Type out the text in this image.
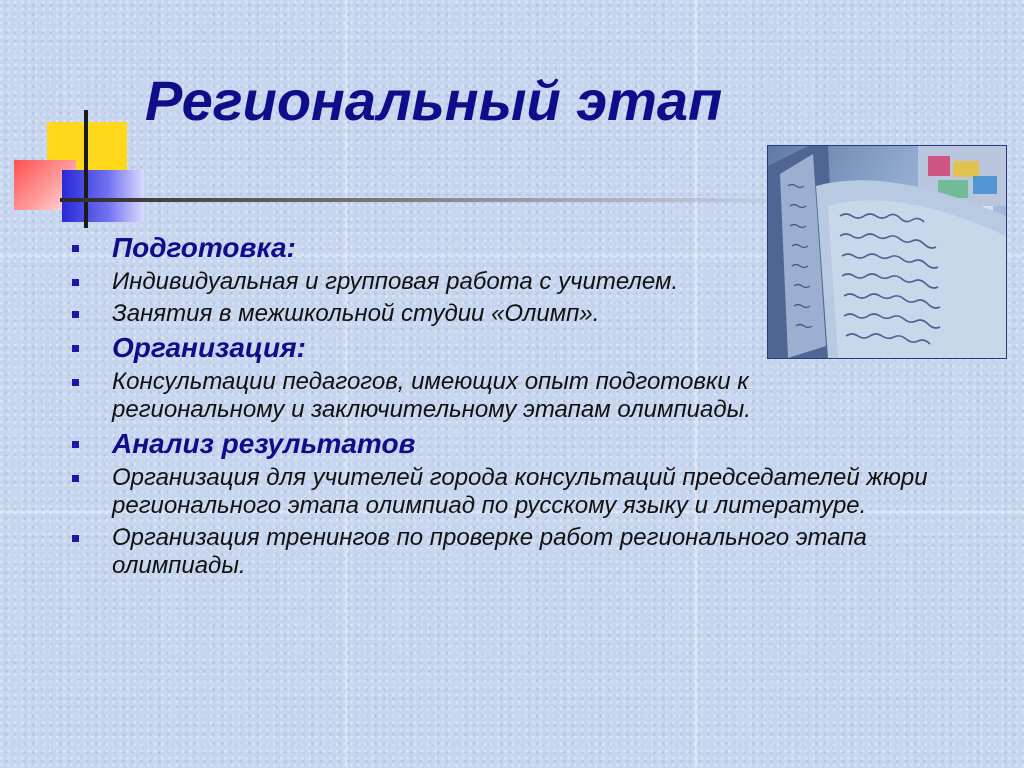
Региональный этап
Подготовка:
Индивидуальная и групповая работа с учителем.
Занятия в межшкольной студии «Олимп».
Организация:
Консультации педагогов, имеющих опыт подготовки к региональному и заключительному этапам олимпиады.
Анализ результатов
Организация для учителей города консультаций председателей жюри регионального этапа олимпиад по русскому языку и литературе.
Организация тренингов по проверке работ регионального этапа олимпиады.
